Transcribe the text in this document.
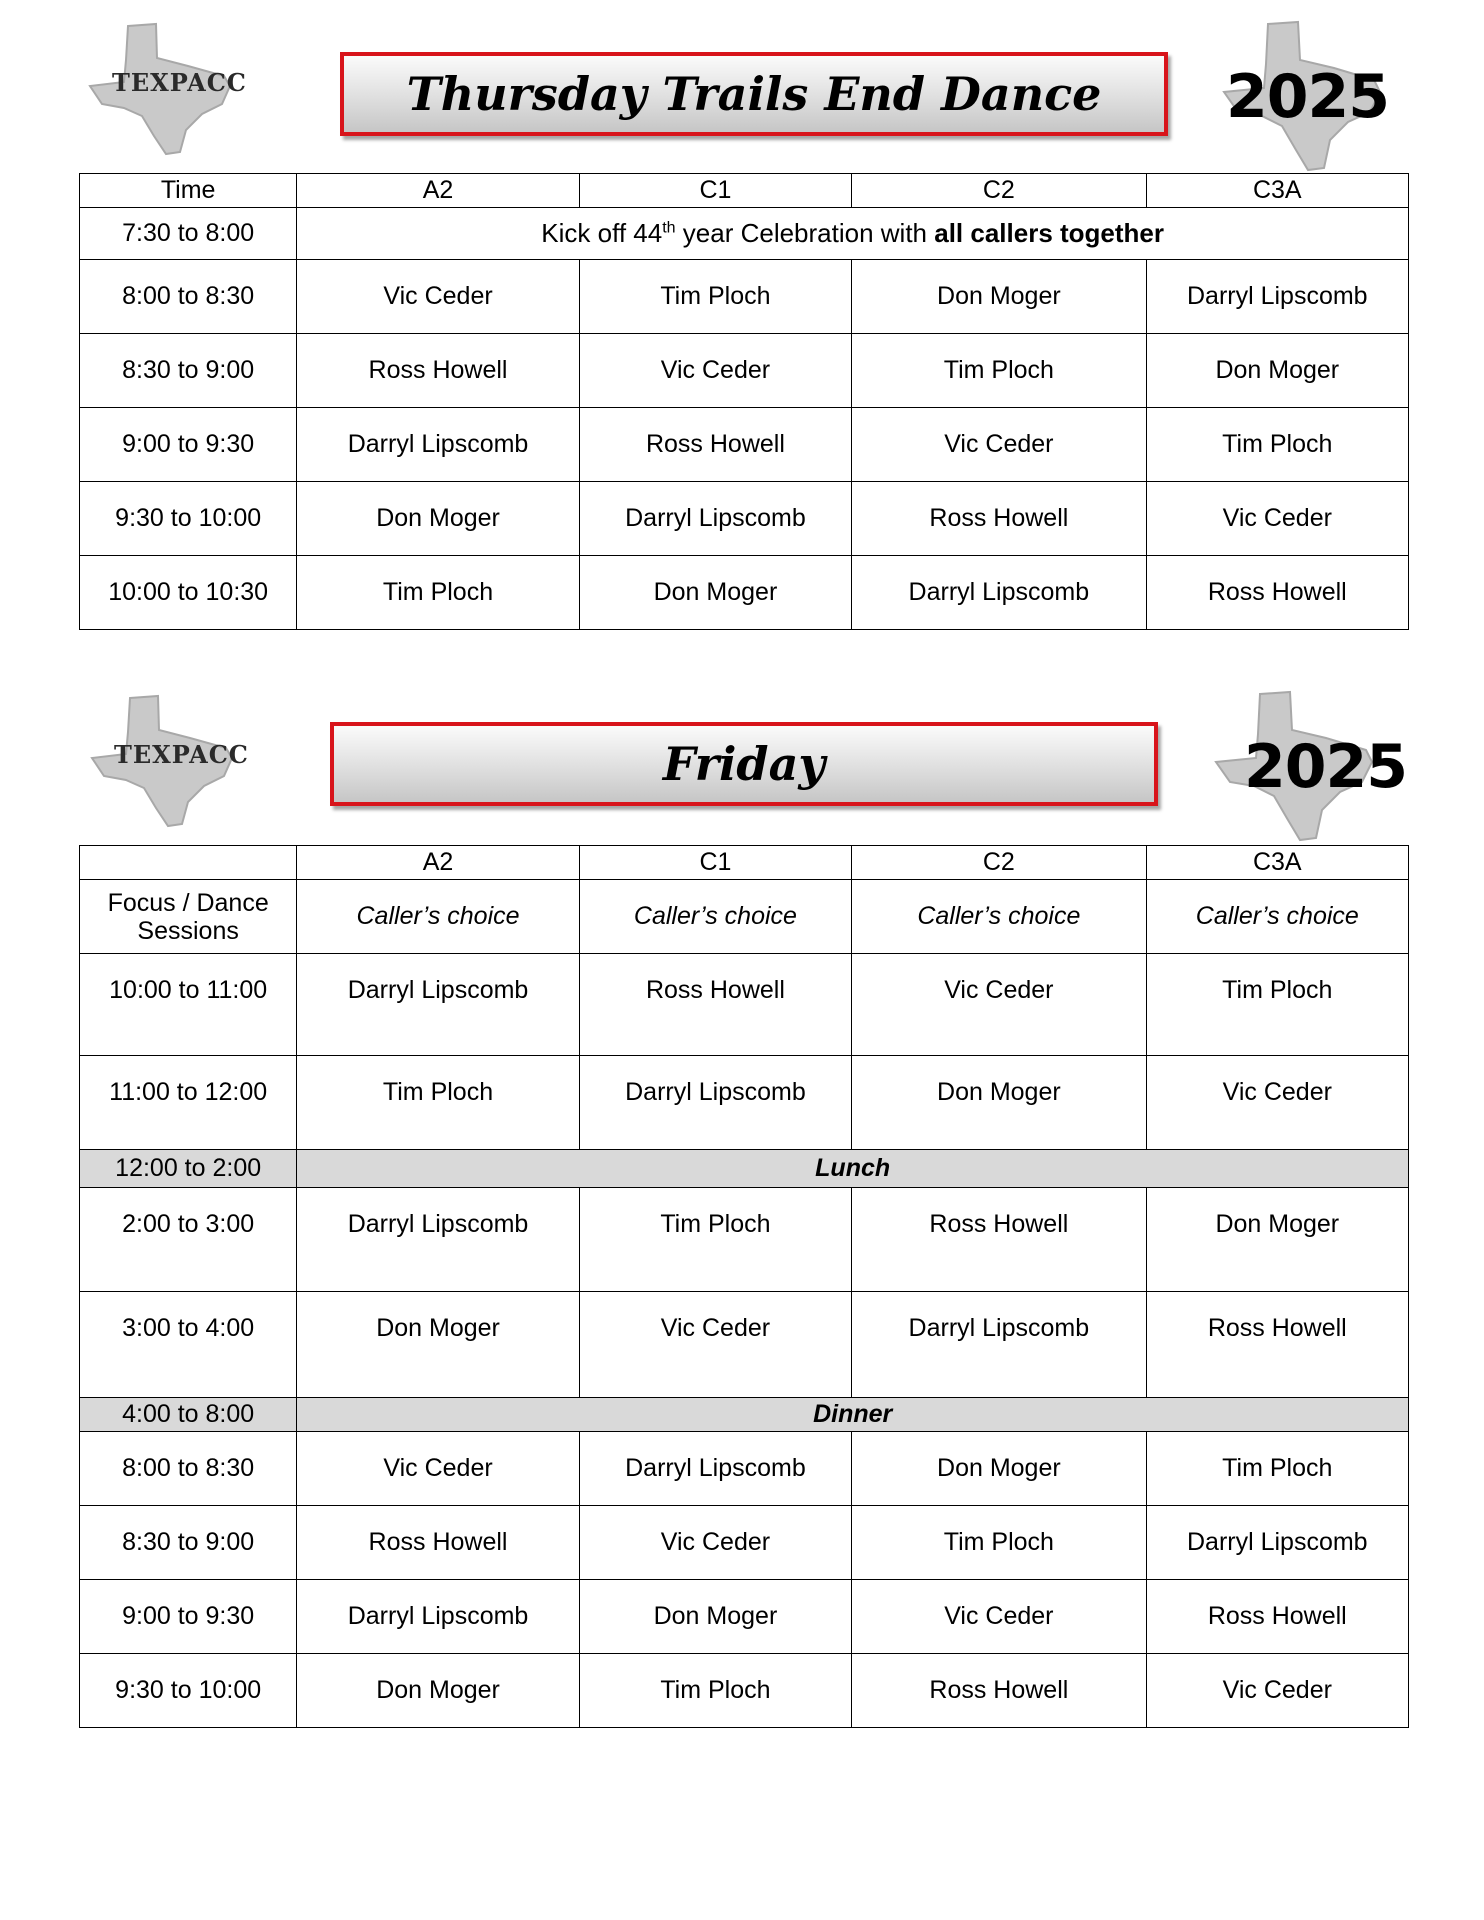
TEXPACC	Thursday Trails End Dance 2025
Time	A2	C1	C2	C3A
7:30 to 8:00	Kick off 44th year Celebration with all callers together			
8:00 to 8:30	Vic Ceder	Tim Ploch	Don Moger	Darryl Lipscomb
8:30 to 9:00	Ross Howell	Vic Ceder	Tim Ploch	Don Moger
9:00 to 9:30	Darryl Lipscomb	Ross Howell	Vic Ceder	Tim Ploch
9:30 to 10:00	Don Moger	Darryl Lipscomb	Ross Howell	Vic Ceder
10:00 to 10:30	Tim Ploch	Don Moger	Darryl Lipscomb	Ross Howell
TEXPACC	Friday	2025
	A2	C1	C2	C3A
Focus / Dance Sessions	Caller’s choice	Caller’s choice	Caller’s choice	Caller’s choice
10:00 to 11:00	Darryl Lipscomb	Ross Howell	Vic Ceder	Tim Ploch
11:00 to 12:00	Tim Ploch	Darryl Lipscomb	Don Moger	Vic Ceder
12:00 to 2:00	Lunch			
2:00 to 3:00	Darryl Lipscomb	Tim Ploch	Ross Howell	Don Moger
3:00 to 4:00	Don Moger	Vic Ceder	Darryl Lipscomb	Ross Howell
4:00 to 8:00	Dinner			
8:00 to 8:30	Vic Ceder	Darryl Lipscomb	Don Moger	Tim Ploch
8:30 to 9:00	Ross Howell	Vic Ceder	Tim Ploch	Darryl Lipscomb
9:00 to 9:30	Darryl Lipscomb	Don Moger	Vic Ceder	Ross Howell
9:30 to 10:00	Don Moger	Tim Ploch	Ross Howell	Vic Ceder
